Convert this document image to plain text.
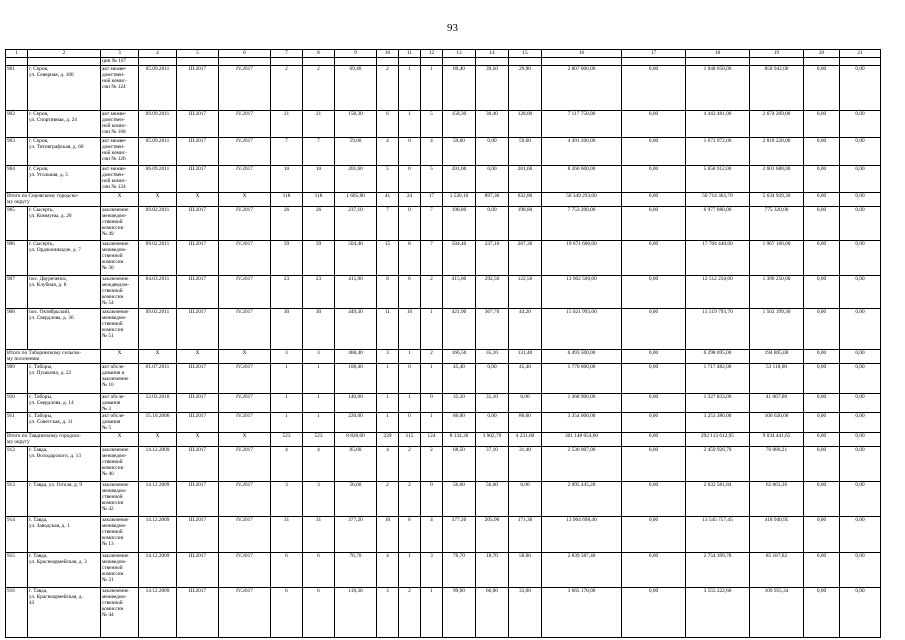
93
1	2	3	4	5	6	7	8	9	10	11	12	13	14	15	16	17	18	19	20	21
		ции № 167																		
901	г. Серов,
ул. Северная, д. 100	акт межве-
домствен-
ной комис-
сии № 124	05.09.2011	III.2017	IV.2017	2	2	69,40	2	1	1	69,40	39,50	29,90	2 807 000,00	0,00	1 948 058,00	858 942,00	0,00	0,00
902	г. Серов,
ул. Спортивная, д. 24	акт межве-
домствен-
ной комис-
сии № 168	09.09.2011	III.2017	IV.2017	21	21	158,30	6	1	5	158,30	30,40	128,00	7 117 750,00	0,00	4 443 481,00	2 674 269,00	0,00	0,00
903	г. Серов,
ул. Титовграфская, д. 60	акт межве-
домствен-
ной комис-
сии № 126	05.09.2011	III.2017	IV.2017	7	7	59,60	4	0	4	59,60	0,00	59,60	4 491 200,00	0,00	1 672 972,00	2 818 228,00	0,00	0,00
904	г. Серов,
ул. Угольная, д. 5	акт межве-
домствен-
ной комис-
сии № 124	06.09.2011	III.2017	IV.2017	10	10	201,60	5	0	5	201,60	0,00	201,60	8 260 600,00	0,00	5 658 912,00	2 601 688,00	0,00	0,00
Итого по Серовскому городско-
му округу		X	X	X	X	118	118	1 605,80	41	24	17	1 530,10	897,30	632,80	56 349 293,00	0,00	50 714 363,70	5 634 929,30	0,00	0,00
905	г. Сысерть,
ул. Коммуны, д. 20	заключение
межведом-
ственной
комиссии
№ 49	09.02.2011	III.2017	IV.2017	26	26	237,10	7	0	7	198,80	0,00	198,80	7 753 200,00	0,00	6 977 880,00	775 320,00	0,00	0,00
906	г. Сысерть,
ул. Орджоникидзе, д. 7	заключение
межведом-
ственной
комиссии
№ 30	09.02.2011	III.2017	IV.2017	39	39	504,40	15	8	7	504,40	237,10	267,30	19 671 600,00	0,00	17 704 440,00	1 967 160,00	0,00	0,00
907	пос. Двуреченск,
ул. Клубная, д. 8	заключение
междведом-
ственной
комиссии
№ 54	04.03.2011	III.2017	IV.2017	23	23	415,00	8	6	2	415,00	292,50	122,50	13 902 500,00	0,00	12 512 250,00	1 390 250,00	0,00	0,00
908	пос. Октябрьский,
ул. Свердлова, д. 36	заключение
межведом-
ственной
комиссии
№ 51	09.02.2011	III.2017	IV.2017	30	30	449,30	11	10	1	421,90	367,70	44,20	15 021 993,00	0,00	13 519 793,70	1 502 199,30	0,00	0,00
Итого по Таборинскому сельско-
му поселению		X	X	X	X	3	3	468,40	3	1	2	166,50	35,10	131,40	6 493 500,00	0,00	6 298 695,00	194 805,00	0,00	0,00
909	с. Таборы,
ул. Пушкина, д. 22	акт обсле-
дования и
заключение
№ 10	01.07.2011	III.2017	IV.2017	1	1	108,40	1	0	1	45,40	0,00	45,40	1 770 600,00	0,00	1 717 482,00	53 118,00	0,00	0,00
910	с. Таборы,
ул. Свердлова, д. 14	акт обсле-
дования
№ 3	12.03.2010	III.2017	IV.2017	1	1	140,00	1	1	0	35,10	35,10	0,00	1 368 900,00	0,00	1 327 833,00	41 067,00	0,00	0,00
911	с. Таборы,
ул. Советская, д. 11	акт обсле-
дования
№ 5	15.10.2006	III.2017	IV.2017	1	1	220,00	1	0	1	86,00	0,00	86,00	3 354 000,00	0,00	3 253 380,00	100 620,00	0,00	0,00
Итого по Тавдинскому городско-
му округу		X	X	X	X	523	523	8 826,00	239	115	124	8 134,30	3 902,70	4 231,60	301 148 054,60	0,00	292 113 612,95	9 034 441,65	0,00	0,00
912	г. Тавда,
ул. Володарского, д. 13	заключение
межведом-
ственной
комиссии
№ 40	14.12.2009	III.2017	IV.2017	4	4	85,60	4	2	2	68,50	37,10	31,40	2 536 007,00	0,00	2 459 926,79	76 080,21	0,00	0,00
913	г. Тавда, ул. Гоголя, д. 9	заключение
межведом-
ственной
комиссии
№ 42	14.12.2009	III.2017	IV.2017	3	3	56,60	2	2	0	56,60	56,60	0,00	2 095 445,20	0,00	2 032 581,84	62 863,36	0,00	0,00
914	г. Тавда,
ул. Заводская, д. 1	заключение
межведом-
ственной
комиссии
№ 13	14.12.2009	III.2017	IV.2017	31	31	377,20	10	6	4	377,20	205,90	171,30	13 964 698,40	0,00	13 545 757,45	418 940,95	0,00	0,00
915	г. Тавда,
ул. Красноармейская, д. 3	заключение
межведом-
ственной
комиссии
№ 21	14.12.2009	III.2017	IV.2017	6	6	76,70	4	1	3	76,70	18,70	58,00	2 839 587,40	0,00	2 754 399,78	85 187,62	0,00	0,00
916	г. Тавда,
ул. Красноармейская, д.
43	заключение
межведом-
ственной
комиссии
№ 44	14.12.2009	III.2017	IV.2017	6	6	118,30	3	2	1	99,00	66,00	33,00	3 665 178,00	0,00	3 555 222,66	109 955,34	0,00	0,00
